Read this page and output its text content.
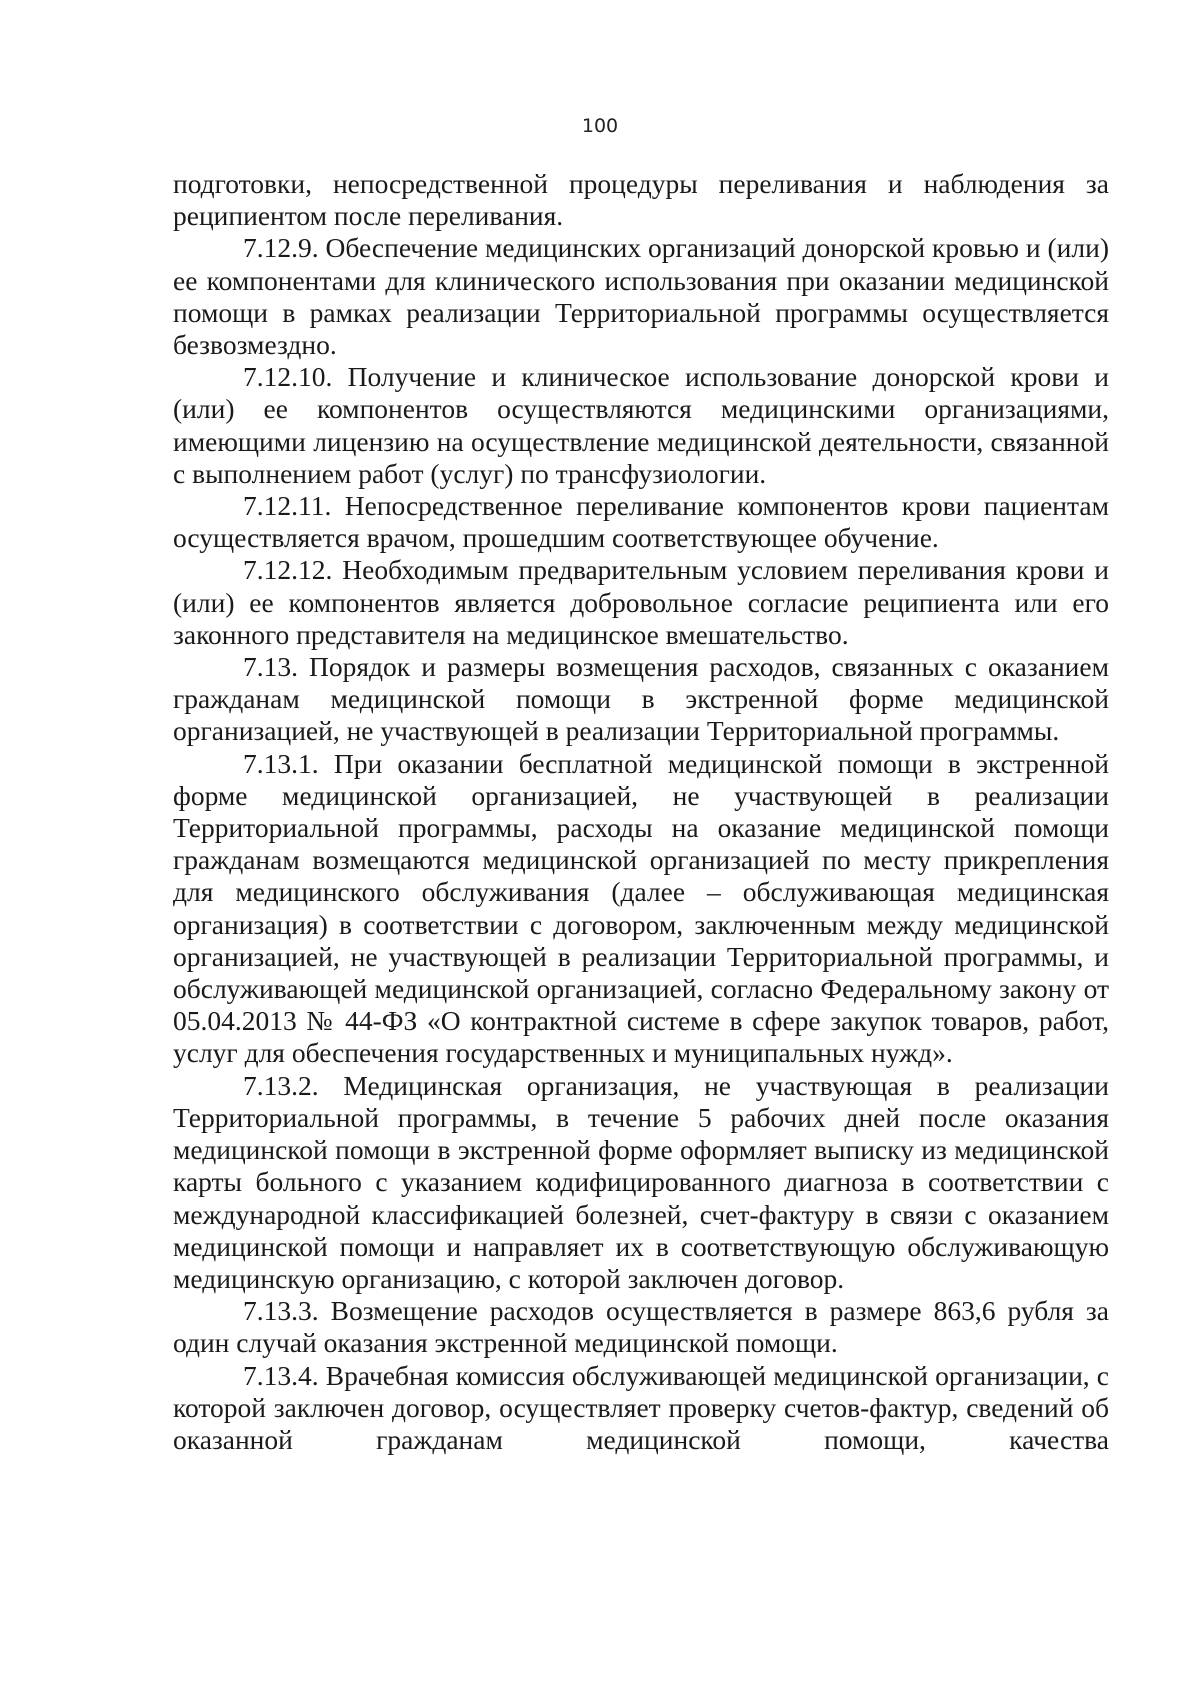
100

подготовки, непосредственной процедуры переливания и наблюдения за реципиентом после переливания.

7.12.9. Обеспечение медицинских организаций донорской кровью и (или) ее компонентами для клинического использования при оказании медицинской помощи в рамках реализации Территориальной программы осуществляется безвозмездно.

7.12.10. Получение и клиническое использование донорской крови и (или) ее компонентов осуществляются медицинскими организациями, имеющими лицензию на осуществление медицинской деятельности, связанной с выполнением работ (услуг) по трансфузиологии.

7.12.11. Непосредственное переливание компонентов крови пациентам осуществляется врачом, прошедшим соответствующее обучение.

7.12.12. Необходимым предварительным условием переливания крови и (или) ее компонентов является добровольное согласие реципиента или его законного представителя на медицинское вмешательство.

7.13. Порядок и размеры возмещения расходов, связанных с оказанием гражданам медицинской помощи в экстренной форме медицинской организацией, не участвующей в реализации Территориальной программы.

7.13.1. При оказании бесплатной медицинской помощи в экстренной форме медицинской организацией, не участвующей в реализации Территориальной программы, расходы на оказание медицинской помощи гражданам возмещаются медицинской организацией по месту прикрепления для медицинского обслуживания (далее – обслуживающая медицинская организация) в соответствии с договором, заключенным между медицинской организацией, не участвующей в реализации Территориальной программы, и обслуживающей медицинской организацией, согласно Федеральному закону от 05.04.2013 № 44-ФЗ «О контрактной системе в сфере закупок товаров, работ, услуг для обеспечения государственных и муниципальных нужд».

7.13.2. Медицинская организация, не участвующая в реализации Территориальной программы, в течение 5 рабочих дней после оказания медицинской помощи в экстренной форме оформляет выписку из медицинской карты больного с указанием кодифицированного диагноза в соответствии с международной классификацией болезней, счет-фактуру в связи с оказанием медицинской помощи и направляет их в соответствующую обслуживающую медицинскую организацию, с которой заключен договор.

7.13.3. Возмещение расходов осуществляется в размере 863,6 рубля за один случай оказания экстренной медицинской помощи.

7.13.4. Врачебная комиссия обслуживающей медицинской организации, с которой заключен договор, осуществляет проверку счетов-фактур, сведений об оказанной гражданам медицинской помощи, качества
